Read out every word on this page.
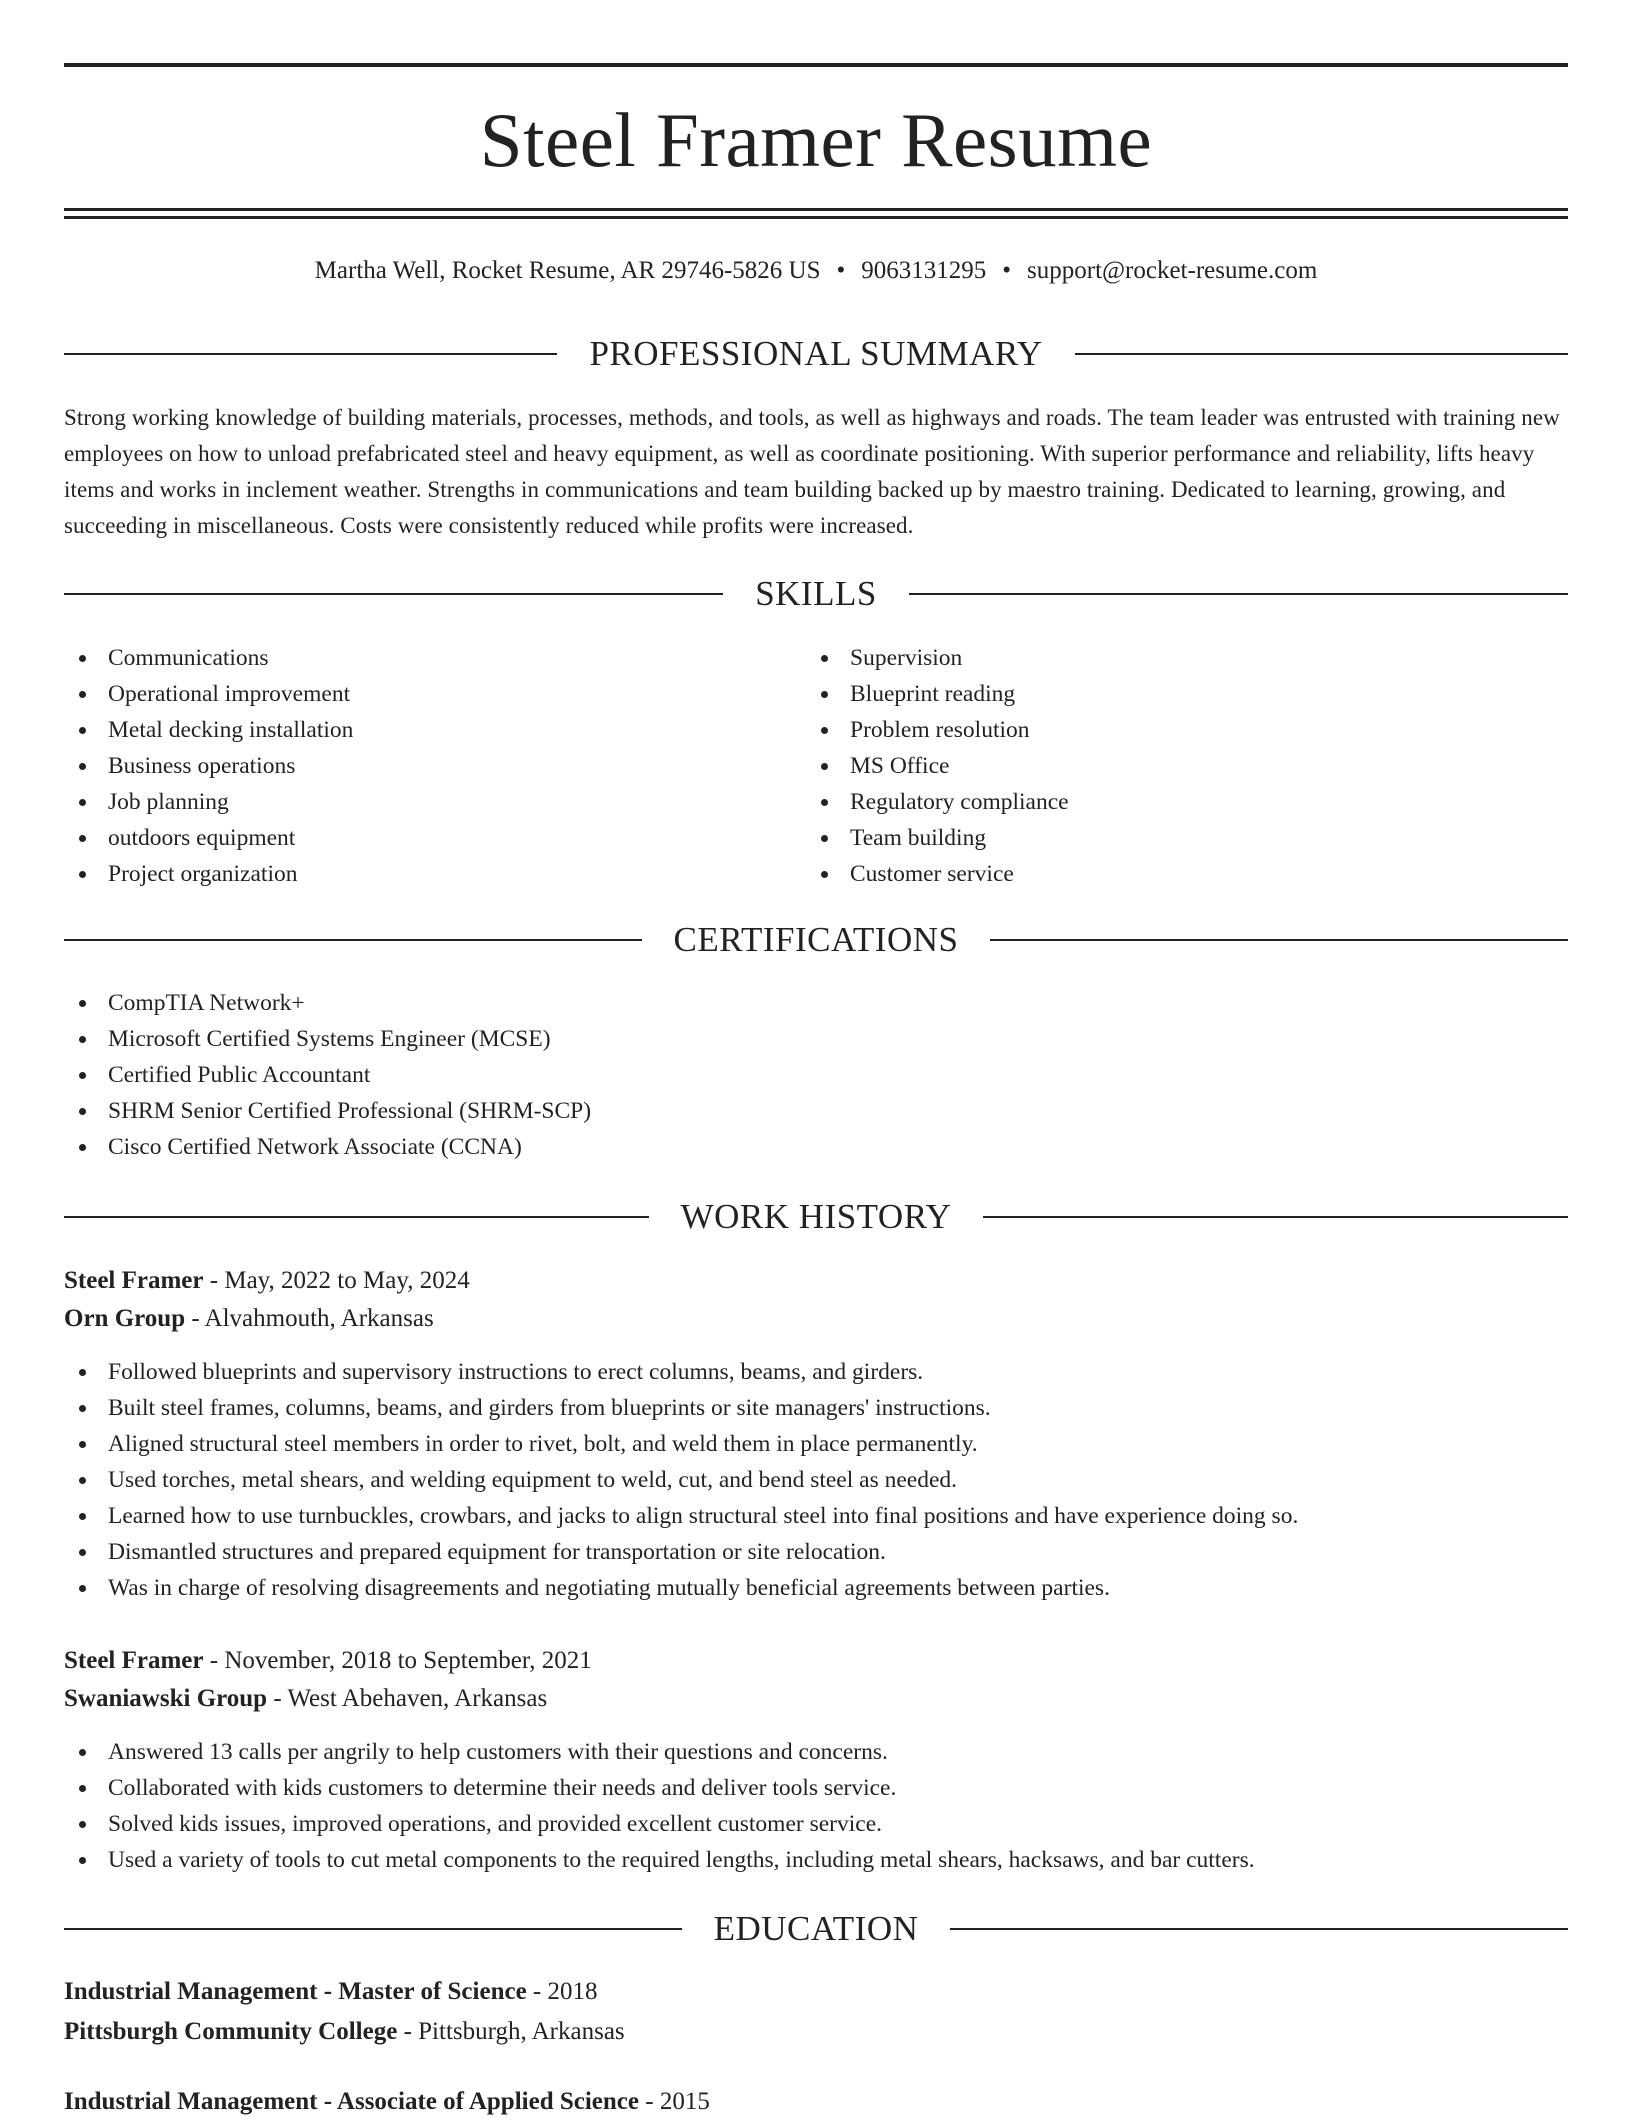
Steel Framer Resume
Martha Well, Rocket Resume, AR 29746-5826 US • 9063131295 • support@rocket-resume.com
PROFESSIONAL SUMMARY

Strong working knowledge of building materials, processes, methods, and tools, as well as highways and roads. The team leader was entrusted with training new employees on how to unload prefabricated steel and heavy equipment, as well as coordinate positioning. With superior performance and reliability, lifts heavy items and works in inclement weather. Strengths in communications and team building backed up by maestro training. Dedicated to learning, growing, and succeeding in miscellaneous. Costs were consistently reduced while profits were increased.

SKILLS
Communications
Operational improvement
Metal decking installation
Business operations
Job planning
outdoors equipment
Project organization
Supervision
Blueprint reading
Problem resolution
MS Office
Regulatory compliance
Team building
Customer service
CERTIFICATIONS
CompTIA Network+
Microsoft Certified Systems Engineer (MCSE)
Certified Public Accountant
SHRM Senior Certified Professional (SHRM-SCP)
Cisco Certified Network Associate (CCNA)
WORK HISTORY
Steel Framer - May, 2022 to May, 2024
Orn Group - Alvahmouth, Arkansas
Followed blueprints and supervisory instructions to erect columns, beams, and girders.
Built steel frames, columns, beams, and girders from blueprints or site managers' instructions.
Aligned structural steel members in order to rivet, bolt, and weld them in place permanently.
Used torches, metal shears, and welding equipment to weld, cut, and bend steel as needed.
Learned how to use turnbuckles, crowbars, and jacks to align structural steel into final positions and have experience doing so.
Dismantled structures and prepared equipment for transportation or site relocation.
Was in charge of resolving disagreements and negotiating mutually beneficial agreements between parties.
Steel Framer - November, 2018 to September, 2021
Swaniawski Group - West Abehaven, Arkansas
Answered 13 calls per angrily to help customers with their questions and concerns.
Collaborated with kids customers to determine their needs and deliver tools service.
Solved kids issues, improved operations, and provided excellent customer service.
Used a variety of tools to cut metal components to the required lengths, including metal shears, hacksaws, and bar cutters.
EDUCATION
Industrial Management - Master of Science - 2018
Pittsburgh Community College - Pittsburgh, Arkansas
Industrial Management - Associate of Applied Science - 2015
